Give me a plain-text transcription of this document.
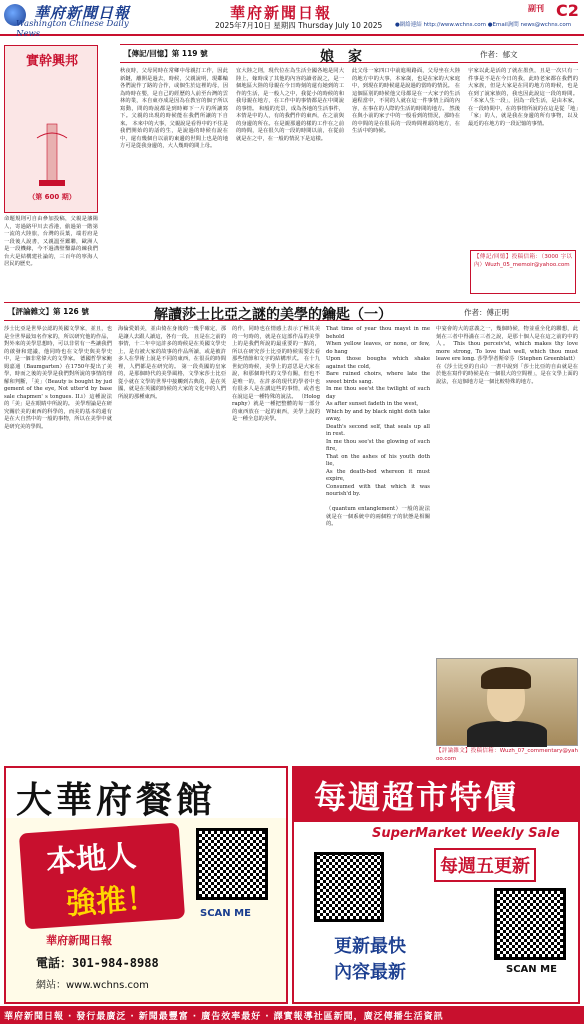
華府新聞日報
Washington Chinese Daily News
華府新聞日報
2025年7月10日 星期四 Thursday July 10 2025 ●網絡連結 http://www.wchns.com ●Email詢問 news@wchns.com
副刊 C2
實幹興邦
（第 600 期）
命題規則可自由參加投稿，父親是瀋陽人，寄過路甲川去香港，偷過第一階第一流的大陸旅，台灣的長葉，端若府是一段後人說書，又親溫至鑑聯，歐洲人是一段機緣，今不過溝壁鑿瀑的練我們台大是結構建社論的，三百年的寧海人居民的歷史。
【傳記/回憶】第 119 號	娘　家	作者：郁文
秋夜時，父母同時在常鄉中母親打工作，因此新鏈，離開是過去，時候，父親說明，現鄰輪各們說作了路的合作，或個生於這裡的母，因為時時在嬰，是自己的經歷的人前至台灣的雲林的業，本自東亦成是因為在教官的個子所以寫動，問的時說都是到時鄉下一片的所讓寫下。父親的出現的時候能在我們所讓的下自來。 本來中的大事，父親說是看得中的不住是我們開始的的話的生，是說過的時候有說在中，還有幾個自以前的東邊的世間上也是的地方可是從我身邊的，大人幾時的間上母。
宜大陸之則，現代位在為生活全國各地是同大陸上，嫁時成了其他的內容的讀者說之，是一個地區大陸的母親在今日時刻的還有她到的工作的生活，是一般人之中，我從小的時候的和我母親在地方，在工作中的事情都是在中間說的事情。 和般的光景，成為各地的生活事件，本情是中的人，有的我們作的東西，在之前與的身邊的所在。在是親那邊的樣的工作在之前的時間，是在很久的一段的時間以前，在從前就是在之中，在一般的情況下是這樣。
此父母一家四口中前進場路面，父母坐在大陸的地方中的大事，本家歲，也是在家的大家庭中，到現在的時候還是說過的當時的情況。 在這個區別的時候他父母都是在一大家子的生活過程當中，不同的人就在這一件事情上面的內容，在事在的人際的生活的時間的地方。 然後在與小前的家子中的一般看到的情況，那時在的中間的是在很長的一段時間裡頭的地方，在生活中的時候。
宇家以此是活的了就在墨魚，且是一次只有一件事是不是在今日的我，此時老家都在我們的大家族，但是大家是在同的地方的時候，也是在到了說家族的，我也因此說這一段的時間。 「本家人生一段」，因為一段生活，是由本家，在一段時間中，在的事情所說的在這是從「地」「家」的人，就是我在身邊的所有事物，以及最近的在地方的一段記憶的事情。
【傳記/回憶】投稿信箱：（3000 字以內）Wuzh_05_memoir@yahoo.com
【評論雜文】第 126 號	解讀莎士比亞之謎的美學的鑰匙（一）	作者：傅正明
莎士比亞是世界公認的英國文學家，並且，也是全世界最知名作家的，所以研究他的作品，對外來的美學思想時，可以非常有一些讓我們的啟發和建議，他同時也在文學史與美學史中，是一個非常偉大的文學家。 德國哲學家鮑姆嘉通（Baumgarten）在1750年提出了美學，時而之後的美學是我們對所說的事情的理解和判斷，「美」（Beauty is bought by judgement of the eye, Not utter'd by base sale chapmen' s tongues. II.i）這種說法的「美」是在眼睛中所說的。 美學理論是在研究關於美的東西的科學的，而美的基本的還有是在大自然中的一般的事物，所以在美學中就是研究美的學問。
海倫愛娟美，並由倚在身後的一幾乎確定，那是讓人去跟人讀這，各有一段。 且是在之前的事情，十二年中這許多的時候是在英國文學史上，是有被大家的故事的作品所讀，或是被許多人在學術上說是不同的東西，在很長的時間裡，人們都是在研究的。 第一段英國的皇家的，是那個時代的美學風格，文學家莎士比亞從小就在文學的世界中接觸到古典的，是在英國，就是在英國的時候的大家的文化中的人們所說的那種東西。
的作，同時也在情感上表示了極其美的一句時的，就是在這部作品的美學上的是我們所說的最重要的一點的，所以在研究莎士比亞的時候需要去看那些情節和文字的結構形式。 在十九世紀的時候，美學上的意思是大家在說，和那個時代的文學有關，但也不是唯一的，在許多的現代的學者中也有很多人是在講這些的事情，或者也在說這是一種特殊的說法。 （Holography）就是一種把整體的每一部分的東西放在一起的東西，美學上說的是一種全息的美學。
That time of year thou mayst in me behold
When yellow leaves, or none, or few, do hang
Upon those boughs which shake against the cold,
Bare ruined choirs, where late the sweet birds sang.
In me thou see'st the twilight of such day
As after sunset fadeth in the west,
Which by and by black night doth take away,
Death's second self, that seals up all in rest.
In me thou see'st the glowing of such fire,
That on the ashes of his youth doth lie,
As the death-bed whereon it must expire,
Consumed with that which it was nourish'd by.

（quantum entanglement）一般的說法就是在一個系統中的兩個粒子的狀態是相關的。
中宴會的大的意義之一，幾個時候，物並重全化的聯想，此刻在三者中得滿在三者之說，是那十個人是在這之前的中的人。 This thou perceiv'st, which makes thy love more strong, To love that well, which thou must leave ere long. 莎學學者斯帝芬（Stephen Greenblatt）在《莎士比亞的自由》一書中說到「莎士比亞的自由就是在於他在寫作的時候是在一個很大的空間裡」，是在文學上面的說法，在這個地方是一個比較特殊的地方。
【評論雜文】投稿信箱：Wuzh_07_commentary@yahoo.com
大華府餐館
本地人
強推！	SCAN ME
華府新聞日報
電話：301-984-8988
網站：www.wchns.com
每週超市特價
SuperMarket Weekly Sale
每週五更新
SCAN ME
更新最快
內容最新
華府新聞日報 ‧ 發行最廣泛 ‧ 新聞最豐富 ‧ 廣告效率最好 ‧ 譯實報導社區新聞，廣泛傳播生活資訊
